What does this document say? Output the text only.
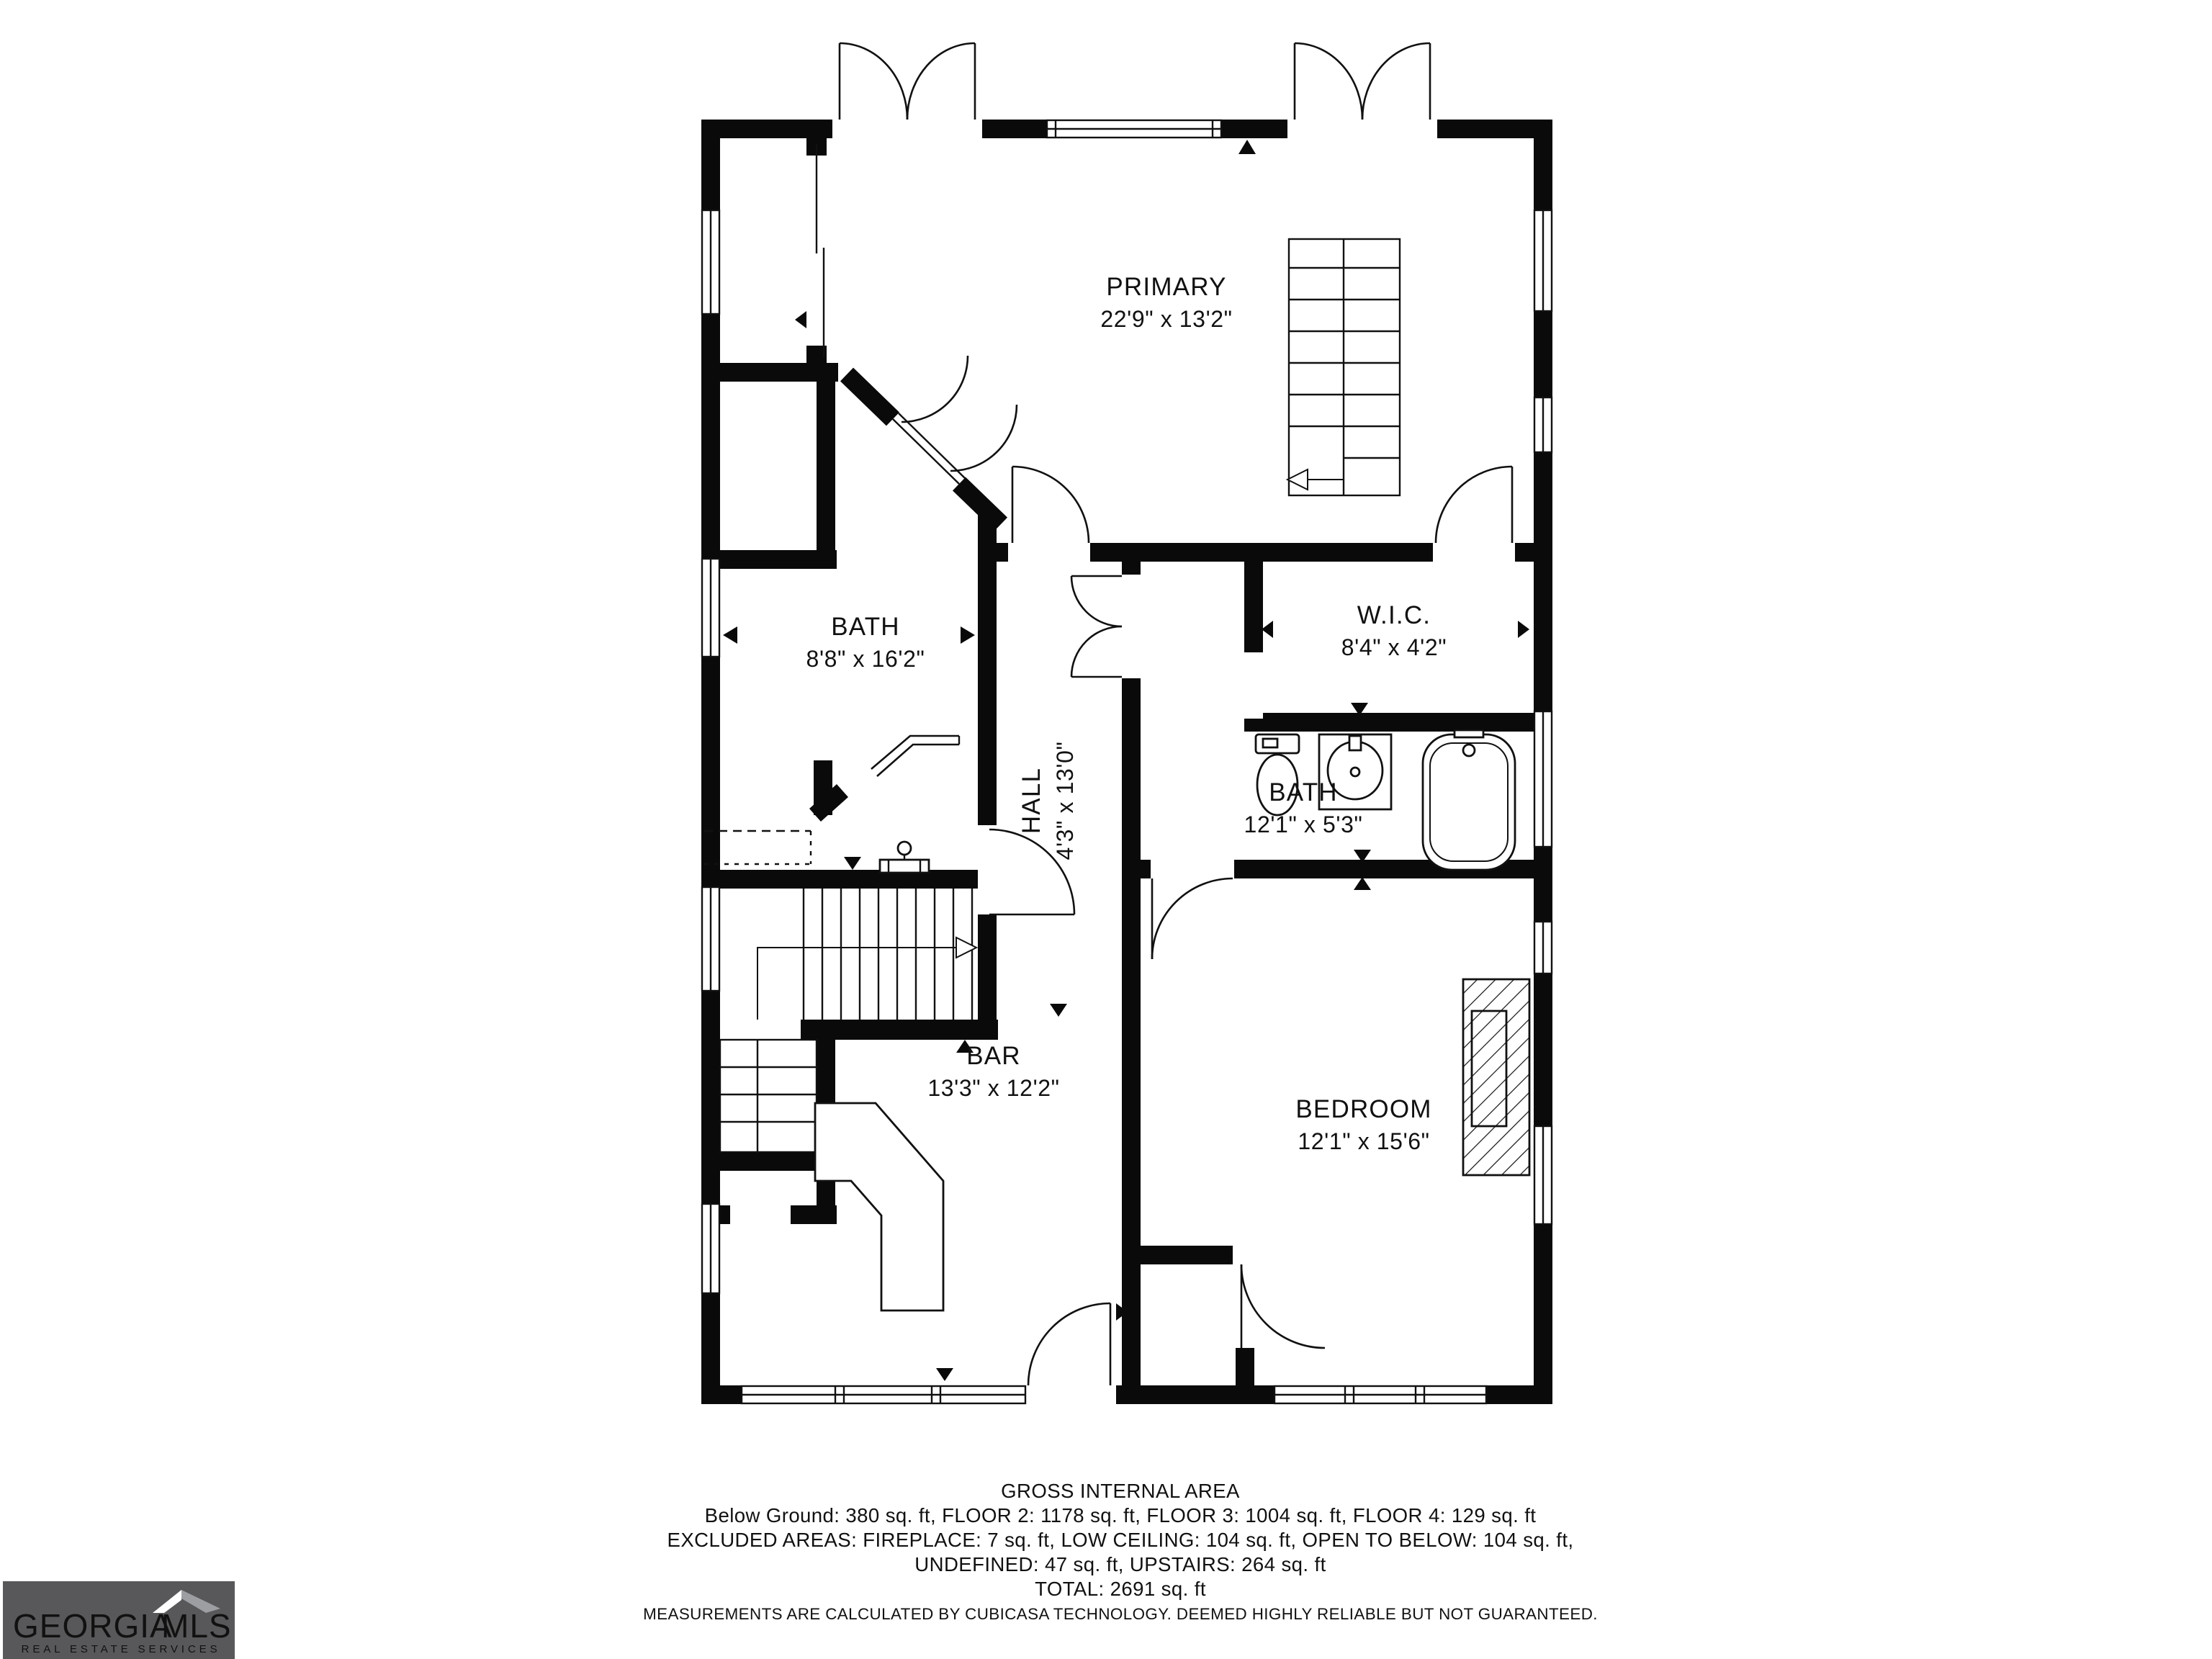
PRIMARY
22'9" x 13'2"
BATH
8'8" x 16'2"
HALL 4'3" x 13'0"
W.I.C.
8'4" x 4'2"
BATH
12'1" x 5'3"
BAR
13'3" x 12'2"
BEDROOM
12'1" x 15'6"
GROSS INTERNAL AREA
Below Ground: 380 sq. ft, FLOOR 2: 1178 sq. ft, FLOOR 3: 1004 sq. ft, FLOOR 4: 129 sq. ft
EXCLUDED AREAS: FIREPLACE: 7 sq. ft, LOW CEILING: 104 sq. ft, OPEN TO BELOW: 104 sq. ft,
UNDEFINED: 47 sq. ft, UPSTAIRS: 264 sq. ft
TOTAL: 2691 sq. ft
MEASUREMENTS ARE CALCULATED BY CUBICASA TECHNOLOGY. DEEMED HIGHLY RELIABLE BUT NOT GUARANTEED.
GEORGIA
MLS
REAL ESTATE SERVICES
